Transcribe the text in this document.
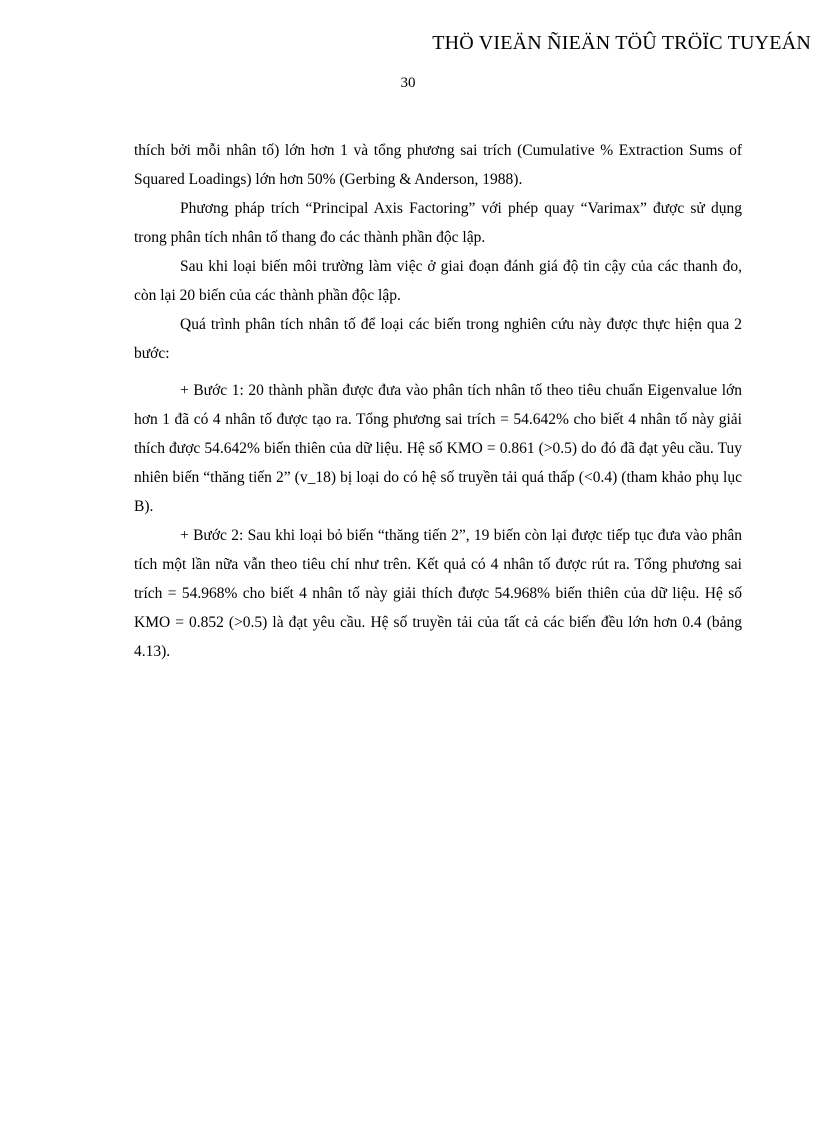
THÖ VIEÄN ÑIEÄN TÖÛ TRÖÏC TUYEÁN
30

thích bởi mỗi nhân tố) lớn hơn 1 và tổng phương sai trích (Cumulative % Extraction Sums of Squared Loadings) lớn hơn 50% (Gerbing & Anderson, 1988).

Phương pháp trích “Principal Axis Factoring” với phép quay “Varimax” được sử dụng trong phân tích nhân tố thang đo các thành phần độc lập.

Sau khi loại biến môi trường làm việc ở giai đoạn đánh giá độ tin cậy của các thanh đo, còn lại 20 biến của các thành phần độc lập.

Quá trình phân tích nhân tố để loại các biến trong nghiên cứu này được thực hiện qua 2 bước:

+ Bước 1: 20 thành phần được đưa vào phân tích nhân tố theo tiêu chuẩn Eigenvalue lớn hơn 1 đã có 4 nhân tố được tạo ra. Tổng phương sai trích = 54.642% cho biết 4 nhân tố này giải thích được 54.642% biến thiên của dữ liệu. Hệ số KMO = 0.861 (>0.5) do đó đã đạt yêu cầu. Tuy nhiên biến “thăng tiến 2” (v_18) bị loại do có hệ số truyền tải quá thấp (<0.4) (tham khảo phụ lục B).

+ Bước 2: Sau khi loại bỏ biến “thăng tiến 2”, 19 biến còn lại được tiếp tục đưa vào phân tích một lần nữa vẫn theo tiêu chí như trên. Kết quả có 4 nhân tố được rút ra. Tổng phương sai trích = 54.968% cho biết 4 nhân tố này giải thích được 54.968% biến thiên của dữ liệu. Hệ số KMO = 0.852 (>0.5) là đạt yêu cầu. Hệ số truyền tải của tất cả các biến đều lớn hơn 0.4 (bảng 4.13).
